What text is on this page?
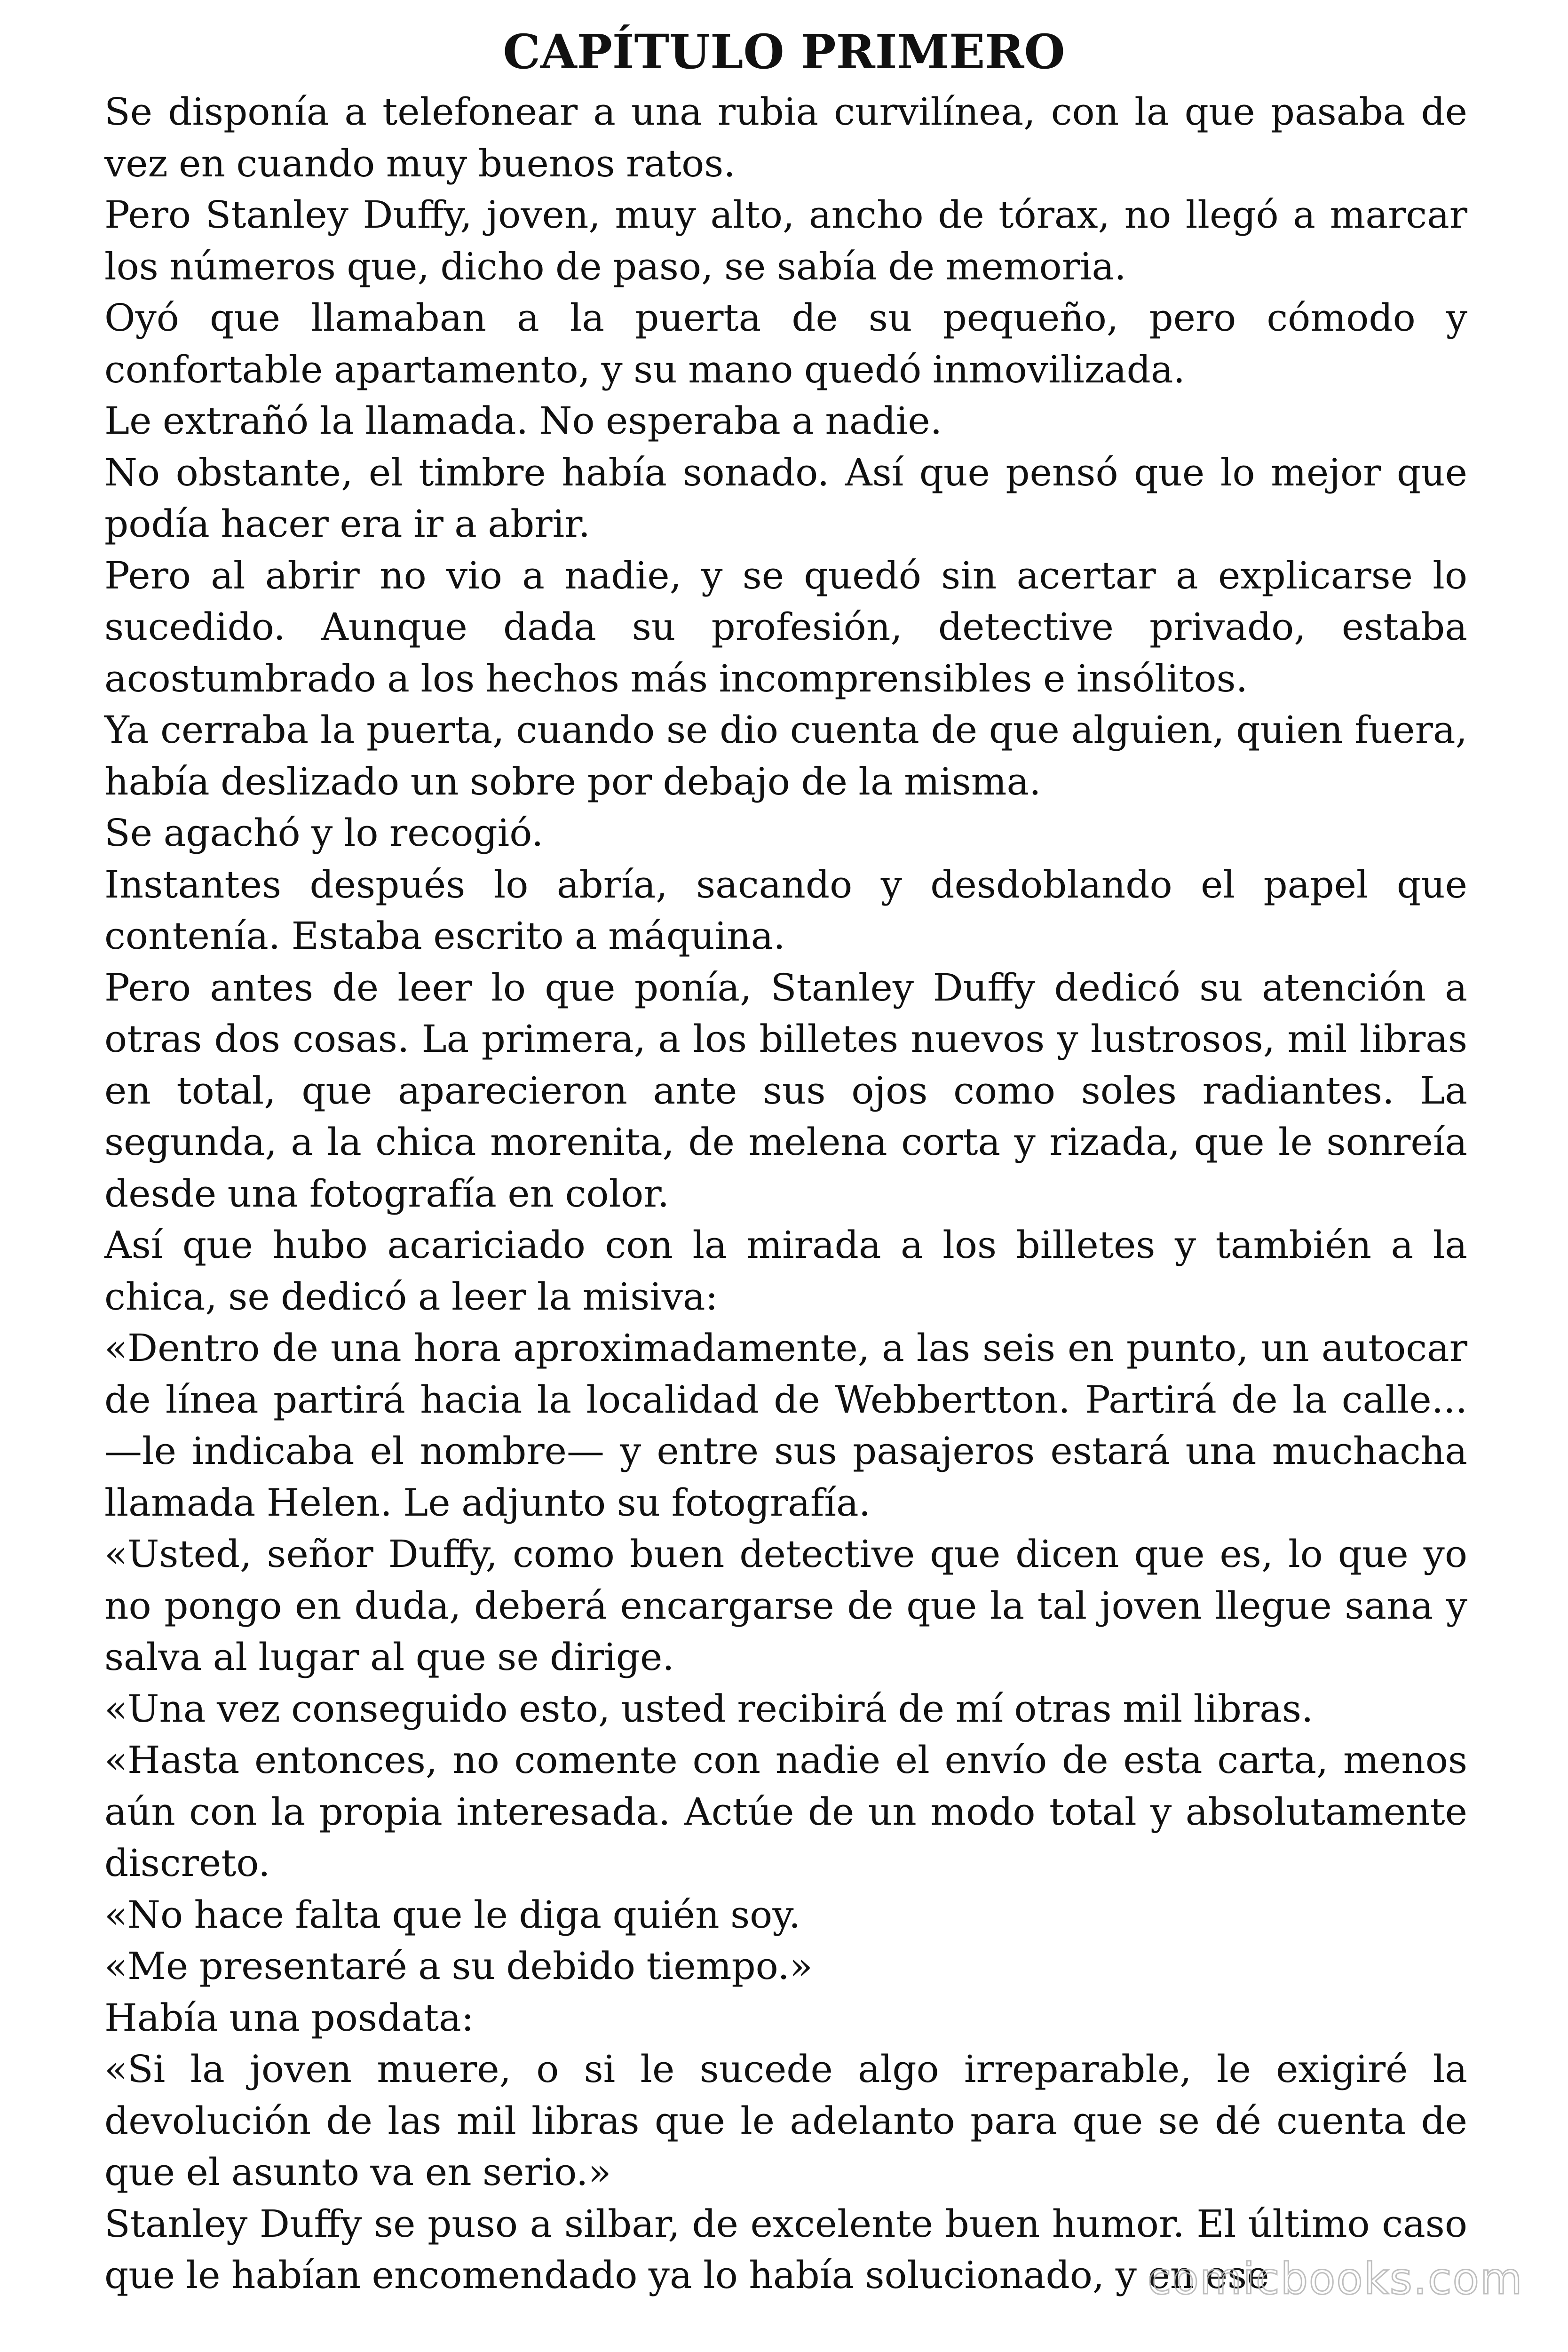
CAPÍTULO PRIMERO

Se disponía a telefonear a una rubia curvilínea, con la que pasaba de vez en cuando muy buenos ratos.

Pero Stanley Duffy, joven, muy alto, ancho de tórax, no llegó a marcar los números que, dicho de paso, se sabía de memoria.

Oyó que llamaban a la puerta de su pequeño, pero cómodo y confortable apartamento, y su mano quedó inmovilizada.

Le extrañó la llamada. No esperaba a nadie.

No obstante, el timbre había sonado. Así que pensó que lo mejor que podía hacer era ir a abrir.

Pero al abrir no vio a nadie, y se quedó sin acertar a explicarse lo sucedido. Aunque dada su profesión, detective privado, estaba acostumbrado a los hechos más incomprensibles e insólitos.

Ya cerraba la puerta, cuando se dio cuenta de que alguien, quien fuera, había deslizado un sobre por debajo de la misma.

Se agachó y lo recogió.

Instantes después lo abría, sacando y desdoblando el papel que contenía. Estaba escrito a máquina.

Pero antes de leer lo que ponía, Stanley Duffy dedicó su atención a otras dos cosas. La primera, a los billetes nuevos y lustrosos, mil libras en total, que aparecieron ante sus ojos como soles radiantes. La segunda, a la chica morenita, de melena corta y rizada, que le sonreía desde una fotografía en color.

Así que hubo acariciado con la mirada a los billetes y también a la chica, se dedicó a leer la misiva:

«Dentro de una hora aproximadamente, a las seis en punto, un autocar de línea partirá hacia la localidad de Webbertton. Partirá de la calle... —le indicaba el nombre— y entre sus pasajeros estará una muchacha llamada Helen. Le adjunto su fotografía.

«Usted, señor Duffy, como buen detective que dicen que es, lo que yo no pongo en duda, deberá encargarse de que la tal joven llegue sana y salva al lugar al que se dirige.

«Una vez conseguido esto, usted recibirá de mí otras mil libras.

«Hasta entonces, no comente con nadie el envío de esta carta, menos aún con la propia interesada. Actúe de un modo total y absolutamente discreto.

«No hace falta que le diga quién soy.

«Me presentaré a su debido tiempo.»

Había una posdata:

«Si la joven muere, o si le sucede algo irreparable, le exigiré la devolución de las mil libras que le adelanto para que se dé cuenta de que el asunto va en serio.»

Stanley Duffy se puso a silbar, de excelente buen humor. El último caso que le habían encomendado ya lo había solucionado, y en ese

comicbooks.com
